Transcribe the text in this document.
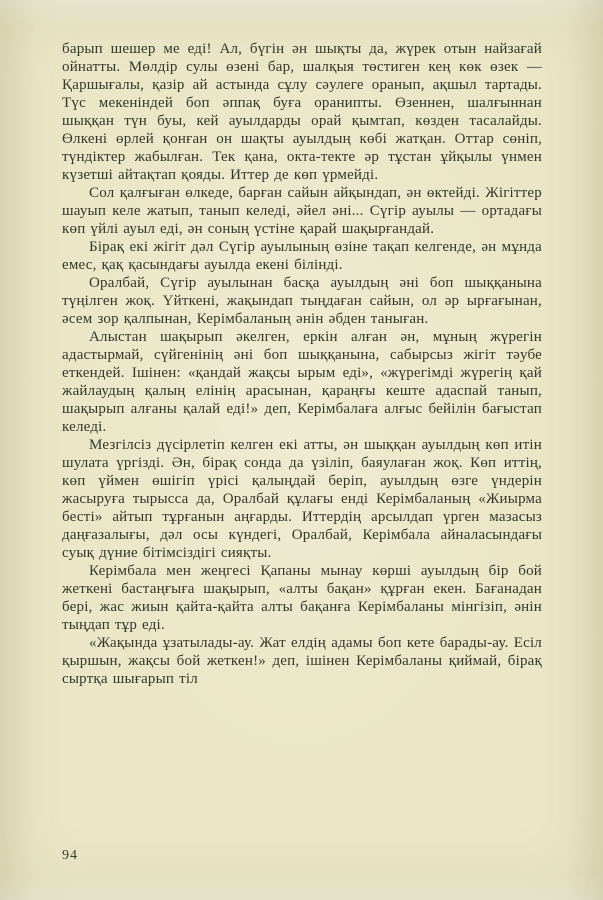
барып шешер ме еді! Ал, бүгін ән шықты да, жүрек отын найзағай ойнатты. Мөлдір сулы өзені бар, шалқыя төстиген кең көк өзек — Қаршығалы, қазір ай астында сұлу сәулеге оранып, ақшыл тартады. Түс мекеніндей боп әппақ буға оранипты. Өзеннен, шалғыннан шыққан түн буы, кей ауылдарды орай қымтап, көзден тасалайды. Өлкені өрлей қонған он шақты ауылдың көбі жатқан. Оттар сөніп, түндіктер жабылған. Тек қана, окта-текте әр тұстан ұйқылы үнмен күзетші айтақтап қояды. Иттер де көп үрмейді.

Сол қалғыған өлкеде, барған сайын айқындап, ән өктейді. Жігіттер шауып келе жатып, танып келеді, әйел әні... Сүгір ауылы — ортадағы көп үйлі ауыл еді, ән соның үстіне қарай шақырғандай.

Бірақ екі жігіт дәл Сүгір ауылының өзіне тақап келгенде, ән мұнда емес, қақ қасындағы ауылда екені білінді.

Оралбай, Сүгір ауылынан басқа ауылдың әні боп шыққанына түңілген жоқ. Үйткені, жақындап тыңдаған сайын, ол әр ырғағынан, әсем зор қалпынан, Керімбаланың әнін әбден таныған.

Алыстан шақырып әкелген, еркін алған ән, мұның жүрегін адастырмай, сүйгенінің әні боп шыққанына, сабырсыз жігіт тәубе еткендей. Ішінен: «қандай жақсы ырым еді», «жүрегімді жүрегің қай жайлаудың қалың елінің арасынан, қараңғы кеште адаспай танып, шақырып алғаны қалай еді!» деп, Керімбалаға алғыс бейілін бағыстап келеді.

Мезгілсіз дүсірлетіп келген екі атты, ән шыққан ауылдың көп итін шулата үргізді. Ән, бірақ сонда да үзіліп, баяулаған жоқ. Көп иттің, көп үймен өшігіп үрісі қалыңдай беріп, ауылдың өзге үндерін жасыруға тырысса да, Оралбай құлағы енді Керімбаланың «Жиырма бесті» айтып тұрғанын аңғарды. Иттердің арсылдап үрген мазасыз даңғазалығы, дәл осы күндегі, Оралбай, Керімбала айналасындағы суық дүние бітімсіздігі сияқты.

Керімбала мен жеңгесі Қапаны мынау көрші ауылдың бір бой жеткені бастаңғыға шақырып, «алты бақан» құрған екен. Бағанадан бері, жас жиын қайта-қайта алты бақанға Керімбаланы мінгізіп, әнін тыңдап тұр еді.

«Жақында ұзатылады-ау. Жат елдің адамы боп кете барады-ау. Есіл қыршын, жақсы бой жеткен!» деп, ішінен Керімбаланы қиймай, бірақ сыртқа шығарып тіл

94
